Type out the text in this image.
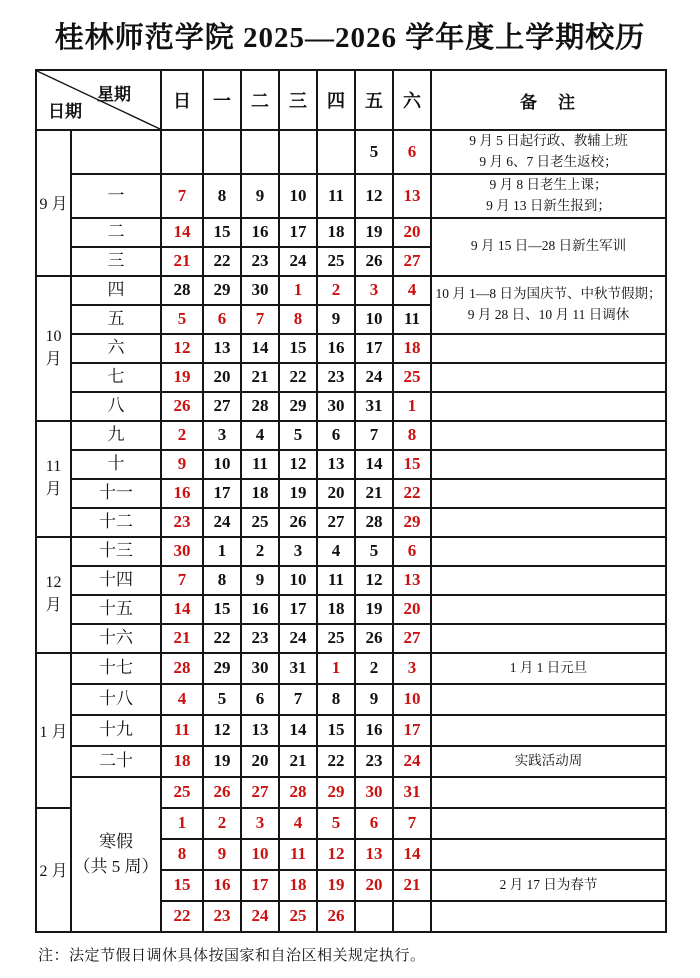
桂林师范学院 2025—2026 学年度上学期校历
星期
日期		日	一	二	三	四	五	六	备　注
9 月							5	6	9 月 5 日起行政、教辅上班
9 月 6、7 日老生返校；

	一	7	8	9	10	11	12	13	9 月 8 日老生上课；
9 月 13 日新生报到；

	二	14	15	16	17	18	19	20	9 月 15 日—28 日新生军训

	三	21	22	23	24	25	26	27	
10 月	四	28	29	30	1	2	3	4	10 月 1—8 日为国庆节、中秋节假期；
9 月 28 日、10 月 11 日调休

	五	5	6	7	8	9	10	11	

	六	12	13	14	15	16	17	18	

	七	19	20	21	22	23	24	25	

	八	26	27	28	29	30	31	1	
11 月	九	2	3	4	5	6	7	8	

	十	9	10	11	12	13	14	15	

	十一	16	17	18	19	20	21	22	

	十二	23	24	25	26	27	28	29	
12 月	十三	30	1	2	3	4	5	6	

	十四	7	8	9	10	11	12	13	

	十五	14	15	16	17	18	19	20	

	十六	21	22	23	24	25	26	27	
1 月	十七	28	29	30	31	1	2	3	1 月 1 日元旦

	十八	4	5	6	7	8	9	10	

	十九	11	12	13	14	15	16	17	

	二十	18	19	20	21	22	23	24	实践活动周

	寒假
（共 5 周）	25	26	27	28	29	30	31	
2 月		1	2	3	4	5	6	7	
		8	9	10	11	12	13	14	
		15	16	17	18	19	20	21	2 月 17 日为春节

		22	23	24	25	26			

注：法定节假日调休具体按国家和自治区相关规定执行。
